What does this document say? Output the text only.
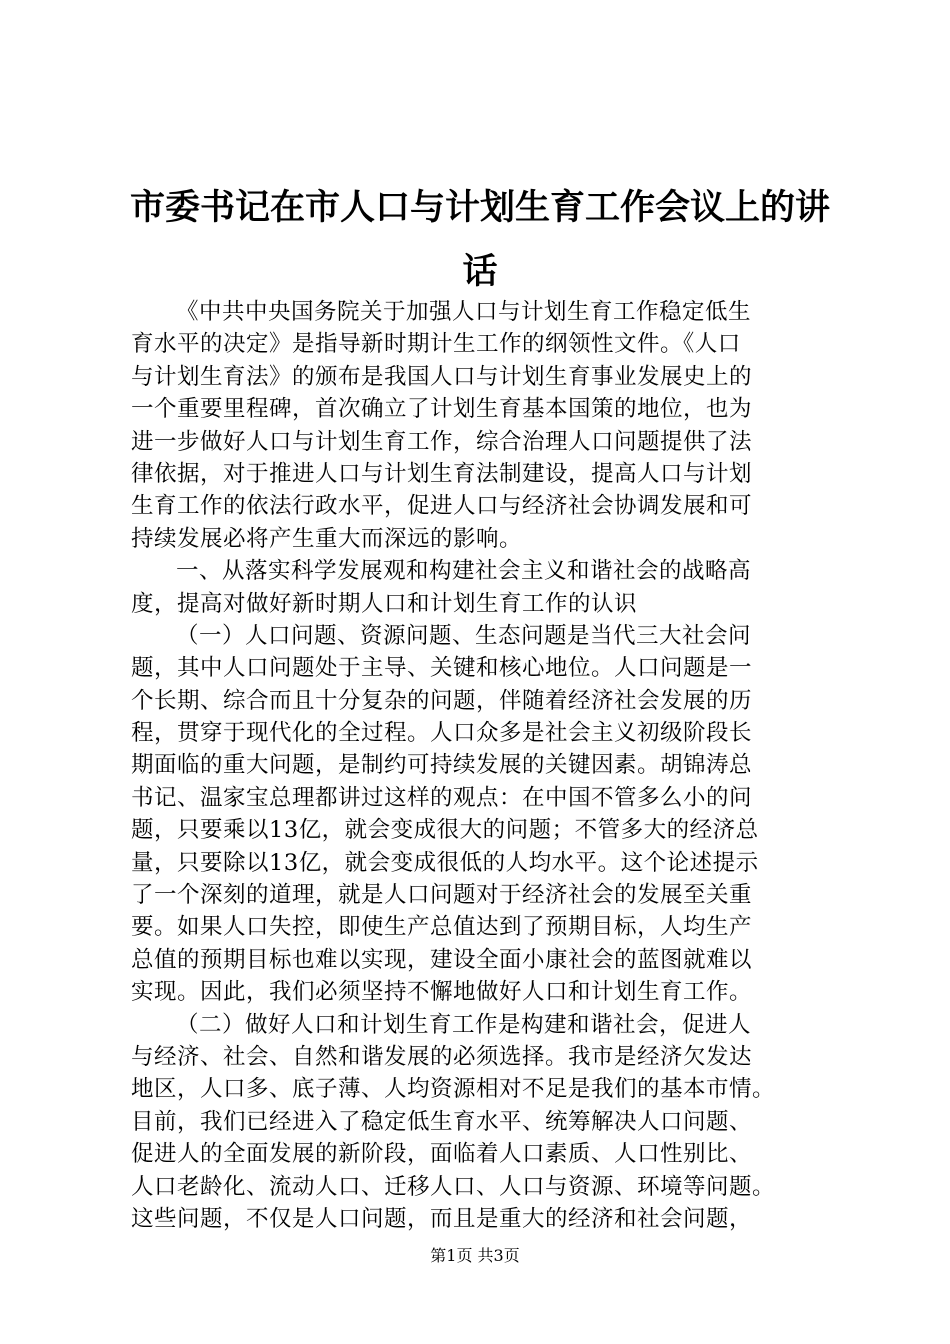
市委书记在市人口与计划生育工作会议上的讲
话
《中共中央国务院关于加强人口与计划生育工作稳定低生
育水平的决定》是指导新时期计生工作的纲领性文件。《人口
与计划生育法》的颁布是我国人口与计划生育事业发展史上的
一个重要里程碑，首次确立了计划生育基本国策的地位，也为
进一步做好人口与计划生育工作，综合治理人口问题提供了法
律依据，对于推进人口与计划生育法制建设，提高人口与计划
生育工作的依法行政水平，促进人口与经济社会协调发展和可
持续发展必将产生重大而深远的影响。
一、从落实科学发展观和构建社会主义和谐社会的战略高
度，提高对做好新时期人口和计划生育工作的认识
（一）人口问题、资源问题、生态问题是当代三大社会问
题，其中人口问题处于主导、关键和核心地位。人口问题是一
个长期、综合而且十分复杂的问题，伴随着经济社会发展的历
程，贯穿于现代化的全过程。人口众多是社会主义初级阶段长
期面临的重大问题，是制约可持续发展的关键因素。胡锦涛总
书记、温家宝总理都讲过这样的观点：在中国不管多么小的问
题，只要乘以13亿，就会变成很大的问题；不管多大的经济总
量，只要除以13亿，就会变成很低的人均水平。这个论述提示
了一个深刻的道理，就是人口问题对于经济社会的发展至关重
要。如果人口失控，即使生产总值达到了预期目标，人均生产
总值的预期目标也难以实现，建设全面小康社会的蓝图就难以
实现。因此，我们必须坚持不懈地做好人口和计划生育工作。
（二）做好人口和计划生育工作是构建和谐社会，促进人
与经济、社会、自然和谐发展的必须选择。我市是经济欠发达
地区，人口多、底子薄、人均资源相对不足是我们的基本市情。
目前，我们已经进入了稳定低生育水平、统筹解决人口问题、
促进人的全面发展的新阶段，面临着人口素质、人口性别比、
人口老龄化、流动人口、迁移人口、人口与资源、环境等问题。
这些问题，不仅是人口问题，而且是重大的经济和社会问题，
第1页 共3页
